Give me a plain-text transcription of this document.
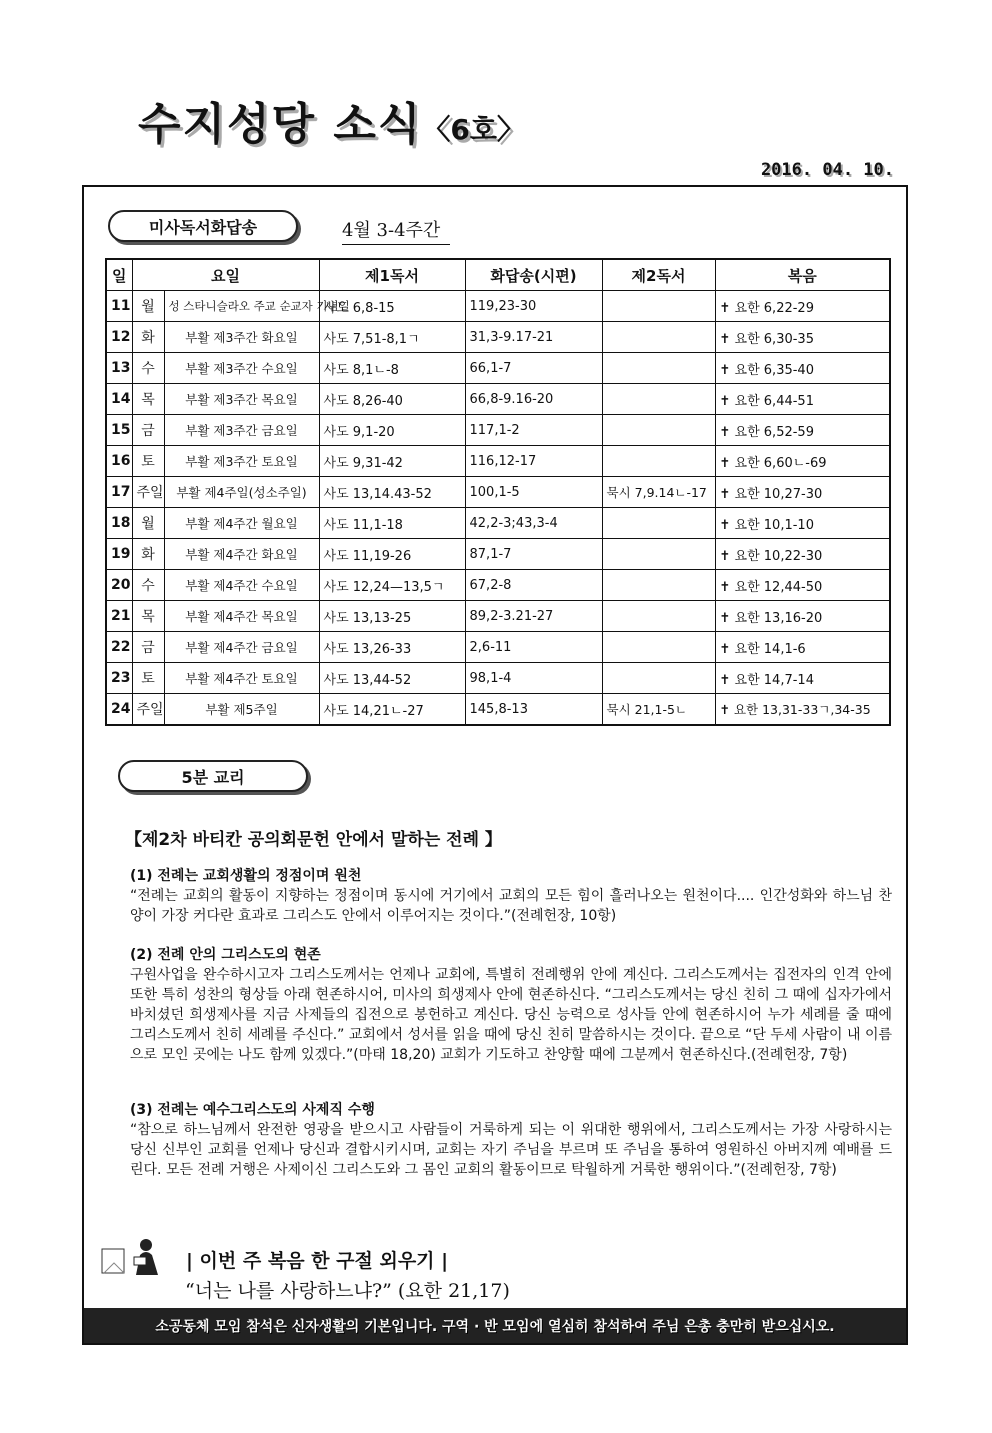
수지성당 소식〈6호〉
2016. 04. 10.
미사독서화답송	4월 3-4주간
일	요일		제1독서	화답송(시편)	제2독서	복음
11	월	성 스타니슬라오 주교 순교자 기념일	사도 6,8-15	119,23-30		✝ 요한 6,22-29
12	화	부활 제3주간 화요일	사도 7,51-8,1ㄱ	31,3-9.17-21		✝ 요한 6,30-35
13	수	부활 제3주간 수요일	사도 8,1ㄴ-8	66,1-7		✝ 요한 6,35-40
14	목	부활 제3주간 목요일	사도 8,26-40	66,8-9.16-20		✝ 요한 6,44-51
15	금	부활 제3주간 금요일	사도 9,1-20	117,1-2		✝ 요한 6,52-59
16	토	부활 제3주간 토요일	사도 9,31-42	116,12-17		✝ 요한 6,60ㄴ-69
17	주일	부활 제4주일(성소주일)	사도 13,14.43-52	100,1-5	묵시 7,9.14ㄴ-17	✝ 요한 10,27-30
18	월	부활 제4주간 월요일	사도 11,1-18	42,2-3;43,3-4		✝ 요한 10,1-10
19	화	부활 제4주간 화요일	사도 11,19-26	87,1-7		✝ 요한 10,22-30
20	수	부활 제4주간 수요일	사도 12,24—13,5ㄱ	67,2-8		✝ 요한 12,44-50
21	목	부활 제4주간 목요일	사도 13,13-25	89,2-3.21-27		✝ 요한 13,16-20
22	금	부활 제4주간 금요일	사도 13,26-33	2,6-11		✝ 요한 14,1-6
23	토	부활 제4주간 토요일	사도 13,44-52	98,1-4		✝ 요한 14,7-14
24	주일	부활 제5주일	사도 14,21ㄴ-27	145,8-13	묵시 21,1-5ㄴ	✝ 요한 13,31-33ㄱ,34-35
5분 교리
【제2차 바티칸 공의회문헌 안에서 말하는 전례 】
(1) 전례는 교회생활의 정점이며 원천
“전례는 교회의 활동이 지향하는 정점이며 동시에 거기에서 교회의 모든 힘이 흘러나오는 원천이다.... 인간성화와 하느님 찬양이 가장 커다란 효과로 그리스도 안에서 이루어지는 것이다.”(전례헌장, 10항)
(2) 전례 안의 그리스도의 현존
구원사업을 완수하시고자 그리스도께서는 언제나 교회에, 특별히 전례행위 안에 계신다. 그리스도께서는 집전자의 인격 안에 또한 특히 성찬의 형상들 아래 현존하시어, 미사의 희생제사 안에 현존하신다. “그리스도께서는 당신 친히 그 때에 십자가에서 바치셨던 희생제사를 지금 사제들의 집전으로 봉헌하고 계신다. 당신 능력으로 성사들 안에 현존하시어 누가 세례를 줄 때에 그리스도께서 친히 세례를 주신다.” 교회에서 성서를 읽을 때에 당신 친히 말씀하시는 것이다. 끝으로 “단 두세 사람이 내 이름으로 모인 곳에는 나도 함께 있겠다.”(마태 18,20) 교회가 기도하고 찬양할 때에 그분께서 현존하신다.(전례헌장, 7항)
(3) 전례는 예수그리스도의 사제직 수행
“참으로 하느님께서 완전한 영광을 받으시고 사람들이 거룩하게 되는 이 위대한 행위에서, 그리스도께서는 가장 사랑하시는 당신 신부인 교회를 언제나 당신과 결합시키시며, 교회는 자기 주님을 부르며 또 주님을 통하여 영원하신 아버지께 예배를 드린다. 모든 전례 거행은 사제이신 그리스도와 그 몸인 교회의 활동이므로 탁월하게 거룩한 행위이다.”(전례헌장, 7항)
| 이번 주 복음 한 구절 외우기 |
“너는 나를 사랑하느냐?” (요한 21,17)
소공동체 모임 참석은 신자생활의 기본입니다. 구역 · 반 모임에 열심히 참석하여 주님 은총 충만히 받으십시오.
